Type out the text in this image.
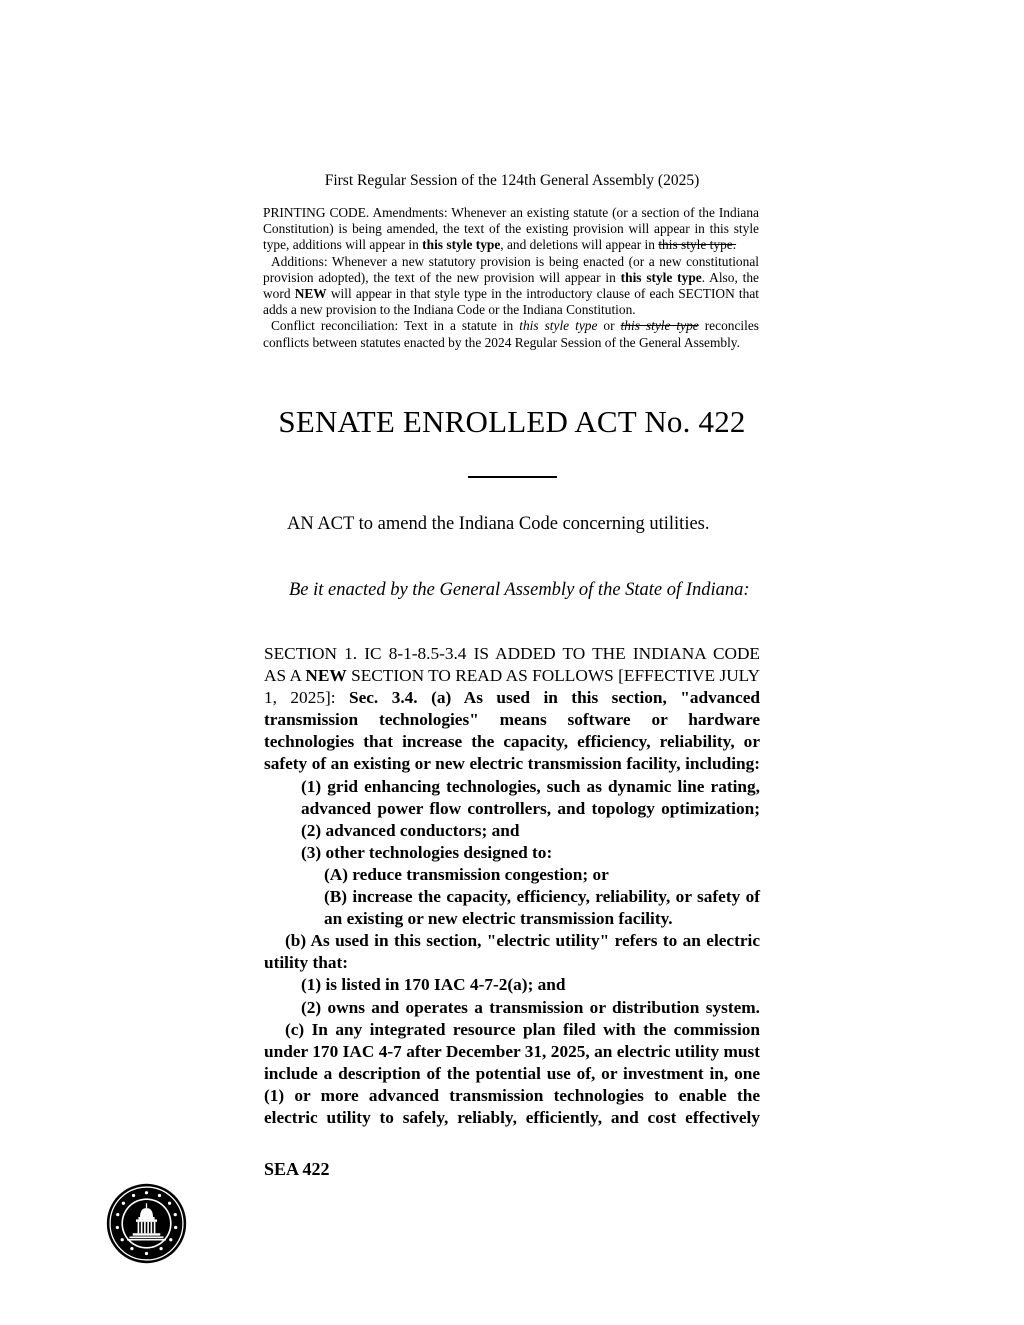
First Regular Session of the 124th General Assembly (2025)

PRINTING CODE. Amendments: Whenever an existing statute (or a section of the Indiana Constitution) is being amended, the text of the existing provision will appear in this style type, additions will appear in this style type, and deletions will appear in this style type.

Additions: Whenever a new statutory provision is being enacted (or a new constitutional provision adopted), the text of the new provision will appear in this style type. Also, the word NEW will appear in that style type in the introductory clause of each SECTION that adds a new provision to the Indiana Code or the Indiana Constitution.

Conflict reconciliation: Text in a statute in this style type or this style type reconciles conflicts between statutes enacted by the 2024 Regular Session of the General Assembly.

SENATE ENROLLED ACT No. 422
AN ACT to amend the Indiana Code concerning utilities.
Be it enacted by the General Assembly of the State of Indiana:

SECTION 1. IC 8-1-8.5-3.4 IS ADDED TO THE INDIANA CODE

AS A NEW SECTION TO READ AS FOLLOWS [EFFECTIVE JULY

1, 2025]: Sec. 3.4. (a) As used in this section, "advanced

transmission technologies" means software or hardware

technologies that increase the capacity, efficiency, reliability, or

safety of an existing or new electric transmission facility, including:

(1) grid enhancing technologies, such as dynamic line rating,

advanced power flow controllers, and topology optimization;

(2) advanced conductors; and

(3) other technologies designed to:

(A) reduce transmission congestion; or

(B) increase the capacity, efficiency, reliability, or safety of

an existing or new electric transmission facility.

(b) As used in this section, "electric utility" refers to an electric

utility that:

(1) is listed in 170 IAC 4-7-2(a); and

(2) owns and operates a transmission or distribution system.

(c) In any integrated resource plan filed with the commission

under 170 IAC 4-7 after December 31, 2025, an electric utility must

include a description of the potential use of, or investment in, one

(1) or more advanced transmission technologies to enable the

electric utility to safely, reliably, efficiently, and cost effectively

SEA 422
